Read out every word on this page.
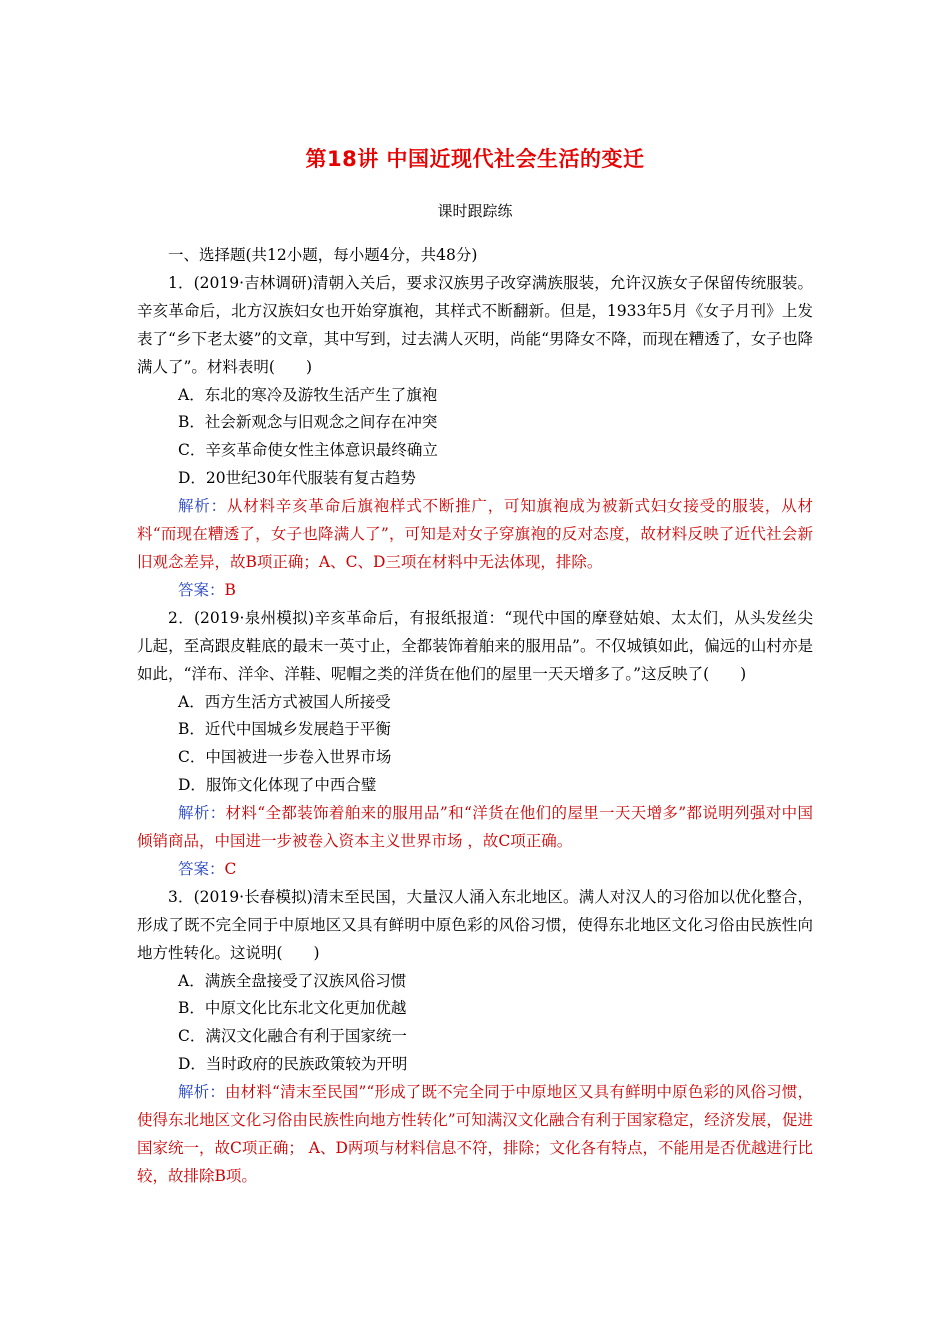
第18讲 中国近现代社会生活的变迁
课时跟踪练

一、选择题(共12小题，每小题4分，共48分)

1．(2019·吉林调研)清朝入关后，要求汉族男子改穿满族服装，允许汉族女子保留传统服装。辛亥革命后，北方汉族妇女也开始穿旗袍，其样式不断翻新。但是，1933年5月《女子月刊》上发表了“乡下老太婆”的文章，其中写到，过去满人灭明，尚能“男降女不降，而现在糟透了，女子也降满人了”。材料表明(　　)

A．东北的寒冷及游牧生活产生了旗袍

B．社会新观念与旧观念之间存在冲突

C．辛亥革命使女性主体意识最终确立

D．20世纪30年代服装有复古趋势

解析：从材料辛亥革命后旗袍样式不断推广，可知旗袍成为被新式妇女接受的服装，从材料“而现在糟透了，女子也降满人了”，可知是对女子穿旗袍的反对态度，故材料反映了近代社会新旧观念差异，故B项正确；A、C、D三项在材料中无法体现，排除。

答案：B

2．(2019·泉州模拟)辛亥革命后，有报纸报道：“现代中国的摩登姑娘、太太们，从头发丝尖儿起，至高跟皮鞋底的最末一英寸止，全都装饰着舶来的服用品”。不仅城镇如此，偏远的山村亦是如此，“洋布、洋伞、洋鞋、呢帽之类的洋货在他们的屋里一天天增多了。”这反映了(　　)

A．西方生活方式被国人所接受

B．近代中国城乡发展趋于平衡

C．中国被进一步卷入世界市场

D．服饰文化体现了中西合璧

解析：材料“全都装饰着舶来的服用品”和“洋货在他们的屋里一天天增多”都说明列强对中国倾销商品，中国进一步被卷入资本主义世界市场 ，故C项正确。

答案：C

3．(2019·长春模拟)清末至民国，大量汉人涌入东北地区。满人对汉人的习俗加以优化整合，形成了既不完全同于中原地区又具有鲜明中原色彩的风俗习惯，使得东北地区文化习俗由民族性向地方性转化。这说明(　　)

A．满族全盘接受了汉族风俗习惯

B．中原文化比东北文化更加优越

C．满汉文化融合有利于国家统一

D．当时政府的民族政策较为开明

解析：由材料“清末至民国”“形成了既不完全同于中原地区又具有鲜明中原色彩的风俗习惯，使得东北地区文化习俗由民族性向地方性转化”可知满汉文化融合有利于国家稳定，经济发展，促进国家统一，故C项正确； A、D两项与材料信息不符，排除；文化各有特点，不能用是否优越进行比较，故排除B项。
